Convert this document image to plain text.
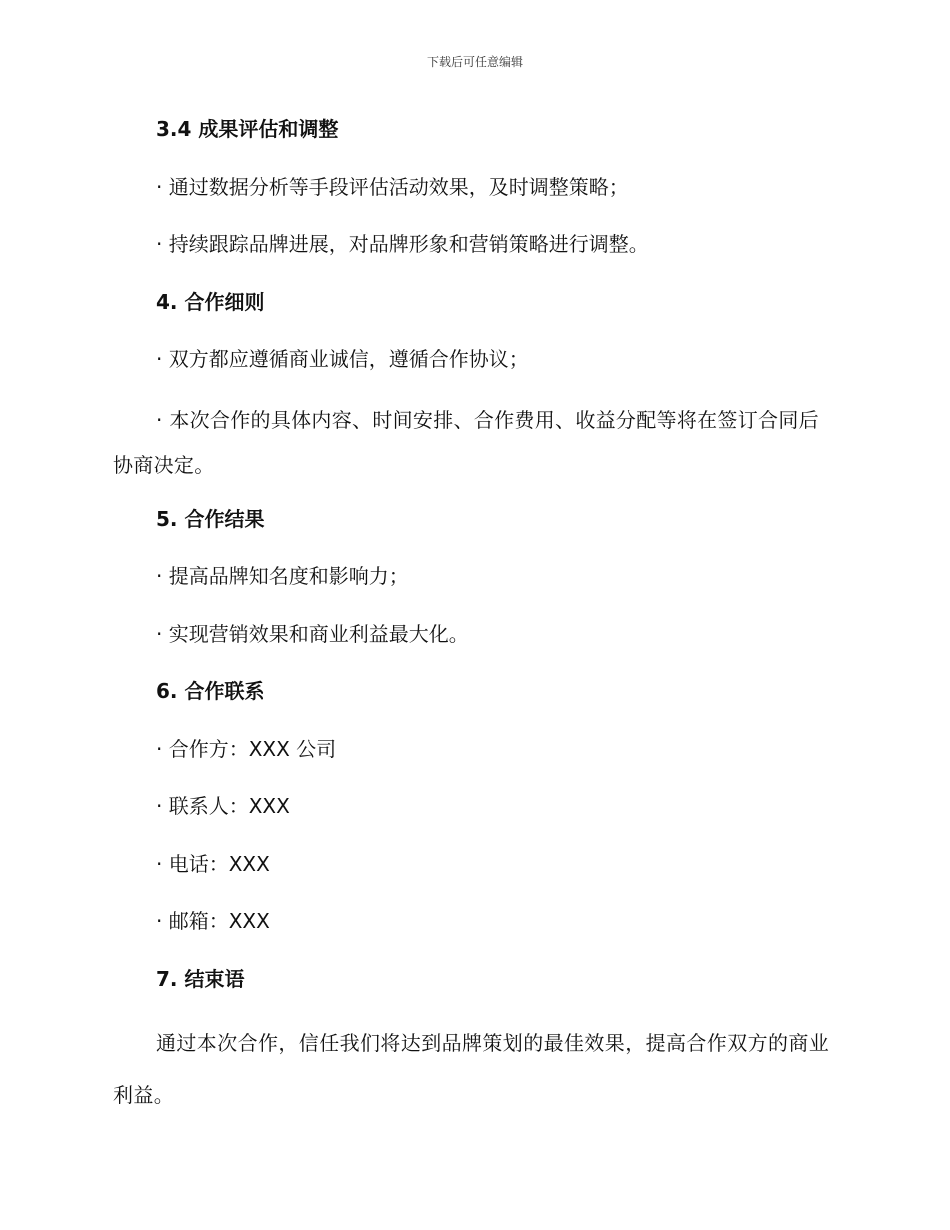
下载后可任意编辑
3.4 成果评估和调整
· 通过数据分析等手段评估活动效果，及时调整策略；
· 持续跟踪品牌进展，对品牌形象和营销策略进行调整。
4. 合作细则
· 双方都应遵循商业诚信，遵循合作协议；
· 本次合作的具体内容、时间安排、合作费用、收益分配等将在签订合同后协商决定。
5. 合作结果
· 提高品牌知名度和影响力；
· 实现营销效果和商业利益最大化。
6. 合作联系
· 合作方：XXX 公司
· 联系人：XXX
· 电话：XXX
· 邮箱：XXX
7. 结束语

通过本次合作，信任我们将达到品牌策划的最佳效果，提高合作双方的商业利益。
